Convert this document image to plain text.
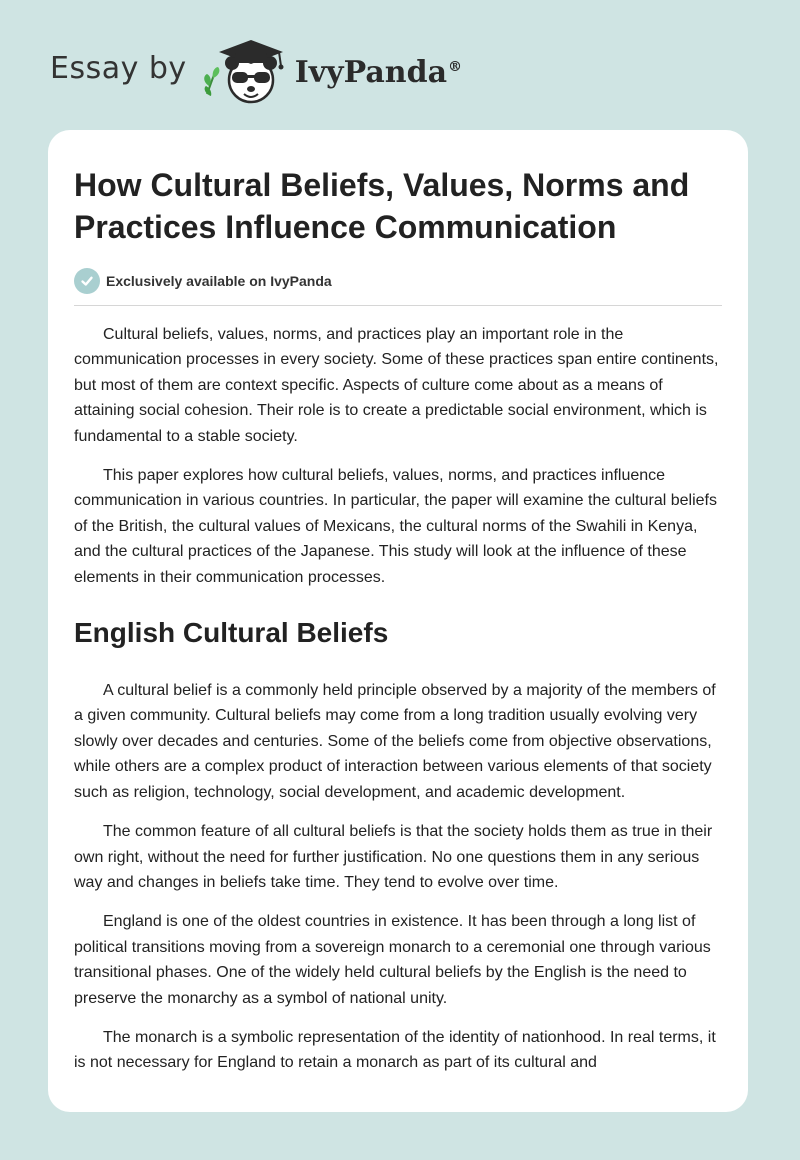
Essay by	IvyPanda®
How Cultural Beliefs, Values, Norms and Practices Influence Communication
Exclusively available on IvyPanda

Cultural beliefs, values, norms, and practices play an important role in the communication processes in every society. Some of these practices span entire continents, but most of them are context specific. Aspects of culture come about as a means of attaining social cohesion. Their role is to create a predictable social environment, which is fundamental to a stable society.

This paper explores how cultural beliefs, values, norms, and practices influence communication in various countries. In particular, the paper will examine the cultural beliefs of the British, the cultural values of Mexicans, the cultural norms of the Swahili in Kenya, and the cultural practices of the Japanese. This study will look at the influence of these elements in their communication processes.

English Cultural Beliefs

A cultural belief is a commonly held principle observed by a majority of the members of a given community. Cultural beliefs may come from a long tradition usually evolving very slowly over decades and centuries. Some of the beliefs come from objective observations, while others are a complex product of interaction between various elements of that society such as religion, technology, social development, and academic development.

The common feature of all cultural beliefs is that the society holds them as true in their own right, without the need for further justification. No one questions them in any serious way and changes in beliefs take time. They tend to evolve over time.

England is one of the oldest countries in existence. It has been through a long list of political transitions moving from a sovereign monarch to a ceremonial one through various transitional phases. One of the widely held cultural beliefs by the English is the need to preserve the monarchy as a symbol of national unity.

The monarch is a symbolic representation of the identity of nationhood. In real terms, it is not necessary for England to retain a monarch as part of its cultural and
